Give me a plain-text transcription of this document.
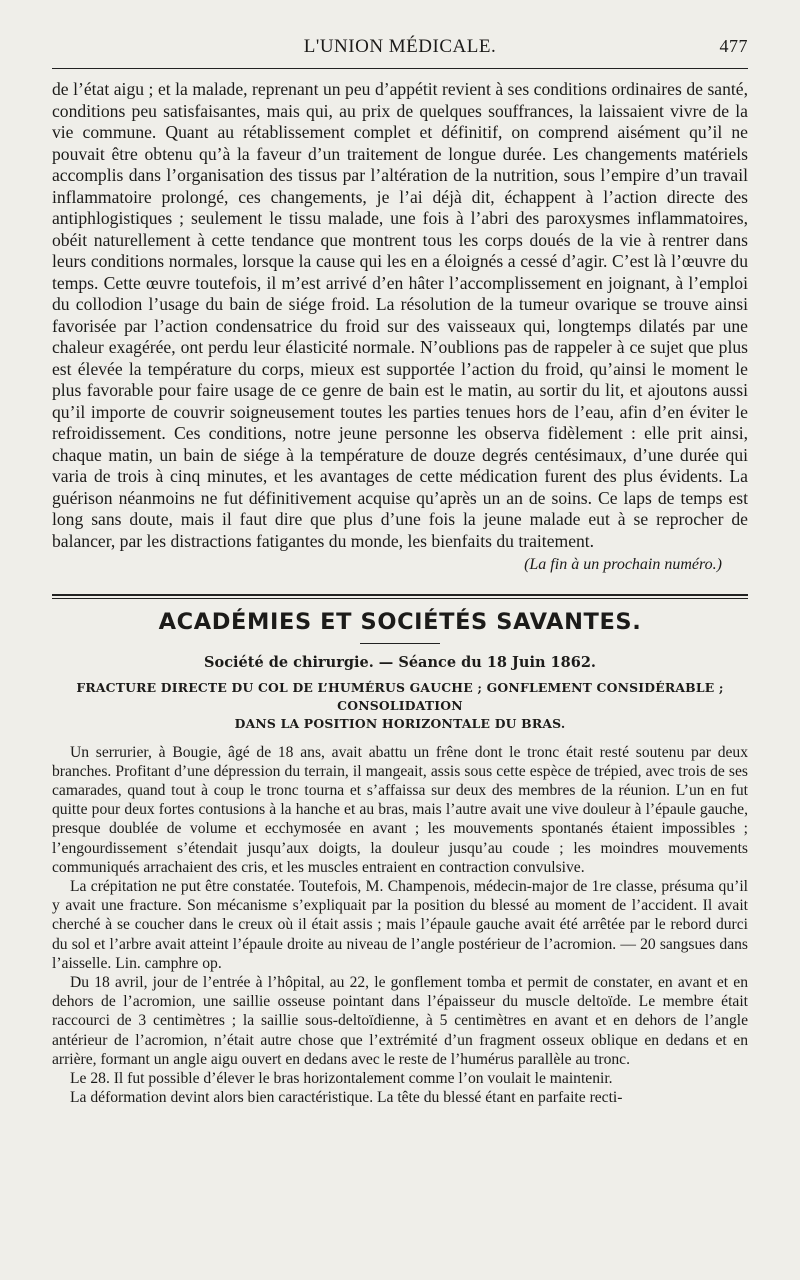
L'UNION MÉDICALE.	477

de l’état aigu ; et la malade, reprenant un peu d’appétit revient à ses conditions ordinaires de santé, conditions peu satisfaisantes, mais qui, au prix de quelques souffrances, la laissaient vivre de la vie commune. Quant au rétablissement complet et définitif, on comprend aisément qu’il ne pouvait être obtenu qu’à la faveur d’un traitement de longue durée. Les changements matériels accomplis dans l’organisation des tissus par l’altération de la nutrition, sous l’empire d’un travail inflammatoire prolongé, ces changements, je l’ai déjà dit, échappent à l’action directe des antiphlogistiques ; seulement le tissu malade, une fois à l’abri des paroxysmes inflammatoires, obéit naturellement à cette tendance que montrent tous les corps doués de la vie à rentrer dans leurs conditions normales, lorsque la cause qui les en a éloignés a cessé d’agir. C’est là l’œuvre du temps. Cette œuvre toutefois, il m’est arrivé d’en hâter l’accomplissement en joignant, à l’emploi du collodion l’usage du bain de siége froid. La résolution de la tumeur ovarique se trouve ainsi favorisée par l’action condensatrice du froid sur des vaisseaux qui, longtemps dilatés par une chaleur exagérée, ont perdu leur élasticité normale. N’oublions pas de rappeler à ce sujet que plus est élevée la température du corps, mieux est supportée l’action du froid, qu’ainsi le moment le plus favorable pour faire usage de ce genre de bain est le matin, au sortir du lit, et ajoutons aussi qu’il importe de couvrir soigneusement toutes les parties tenues hors de l’eau, afin d’en éviter le refroidissement. Ces conditions, notre jeune personne les observa fidèlement : elle prit ainsi, chaque matin, un bain de siége à la température de douze degrés centésimaux, d’une durée qui varia de trois à cinq minutes, et les avantages de cette médication furent des plus évidents. La guérison néanmoins ne fut définitivement acquise qu’après un an de soins. Ce laps de temps est long sans doute, mais il faut dire que plus d’une fois la jeune malade eut à se reprocher de balancer, par les distractions fatigantes du monde, les bienfaits du traitement.

(La fin à un prochain numéro.)

ACADÉMIES ET SOCIÉTÉS SAVANTES.
Société de chirurgie. — Séance du 18 Juin 1862.
FRACTURE DIRECTE DU COL DE L’HUMÉRUS GAUCHE ; GONFLEMENT CONSIDÉRABLE ; CONSOLIDATION
DANS LA POSITION HORIZONTALE DU BRAS.

Un serrurier, à Bougie, âgé de 18 ans, avait abattu un frêne dont le tronc était resté soutenu par deux branches. Profitant d’une dépression du terrain, il mangeait, assis sous cette espèce de trépied, avec trois de ses camarades, quand tout à coup le tronc tourna et s’affaissa sur deux des membres de la réunion. L’un en fut quitte pour deux fortes contusions à la hanche et au bras, mais l’autre avait une vive douleur à l’épaule gauche, presque doublée de volume et ecchymosée en avant ; les mouvements spontanés étaient impossibles ; l’engourdissement s’étendait jusqu’aux doigts, la douleur jusqu’au coude ; les moindres mouvements communiqués arrachaient des cris, et les muscles entraient en contraction convulsive.

La crépitation ne put être constatée. Toutefois, M. Champenois, médecin-major de 1re classe, présuma qu’il y avait une fracture. Son mécanisme s’expliquait par la position du blessé au moment de l’accident. Il avait cherché à se coucher dans le creux où il était assis ; mais l’épaule gauche avait été arrêtée par le rebord durci du sol et l’arbre avait atteint l’épaule droite au niveau de l’angle postérieur de l’acromion. — 20 sangsues dans l’aisselle. Lin. camphre op.

Du 18 avril, jour de l’entrée à l’hôpital, au 22, le gonflement tomba et permit de constater, en avant et en dehors de l’acromion, une saillie osseuse pointant dans l’épaisseur du muscle deltoïde. Le membre était raccourci de 3 centimètres ; la saillie sous-deltoïdienne, à 5 centimètres en avant et en dehors de l’angle antérieur de l’acromion, n’était autre chose que l’extrémité d’un fragment osseux oblique en dedans et en arrière, formant un angle aigu ouvert en dedans avec le reste de l’humérus parallèle au tronc.

Le 28. Il fut possible d’élever le bras horizontalement comme l’on voulait le maintenir.

La déformation devint alors bien caractéristique. La tête du blessé étant en parfaite recti-
